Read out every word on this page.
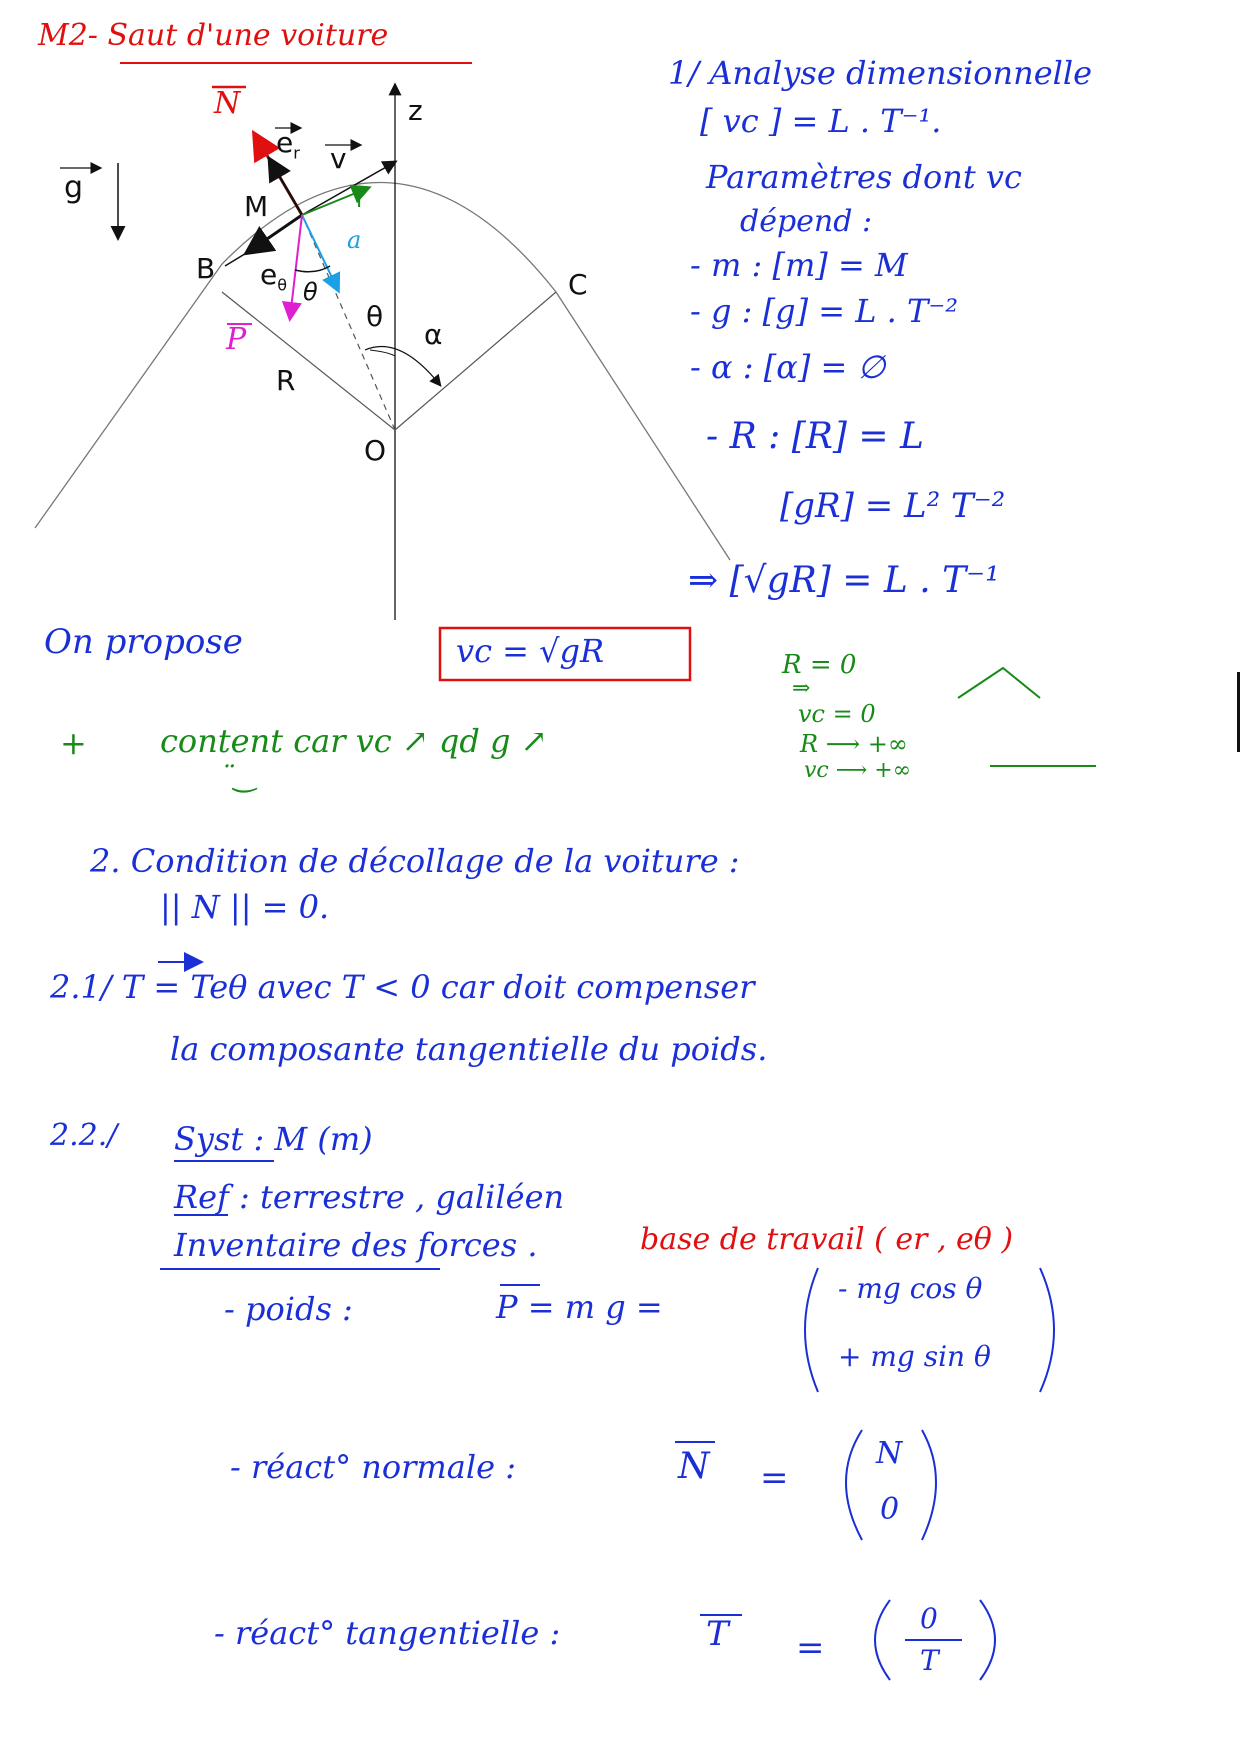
M2- Saut d'une voiture
N
$e_r$ v
z
g
M	T
a
B $e_\theta$ θ	C
P
θ
α
R
O
1/ Analyse dimensionnelle
[ vc ] = L . T⁻¹.
Paramètres dont vc
dépend :
- m : [m] = M
- g : [g] = L . T⁻²
- α : [α] = ∅
- R : [R] = L
[gR] = L² T⁻²
⇒ [√gR] = L . T⁻¹
On propose	vc = √gR
+ content car vc ↗ qd g ↗
¨‿
R = 0
⇒
vc = 0
R ⟶ +∞
vc ⟶ +∞
2. Condition de décollage de la voiture :
|| N || = 0.
2.1/ T = Teθ avec T < 0 car doit compenser
la composante tangentielle du poids.
2.2./ Syst : M (m)
Ref : terrestre , galiléen
Inventaire des forces .	base de travail ( er , eθ )
- poids :	P = m g =	- mg cos θ
+ mg sin θ
- réact° normale :	N =
N
0
- réact° tangentielle :	T =
0
T
